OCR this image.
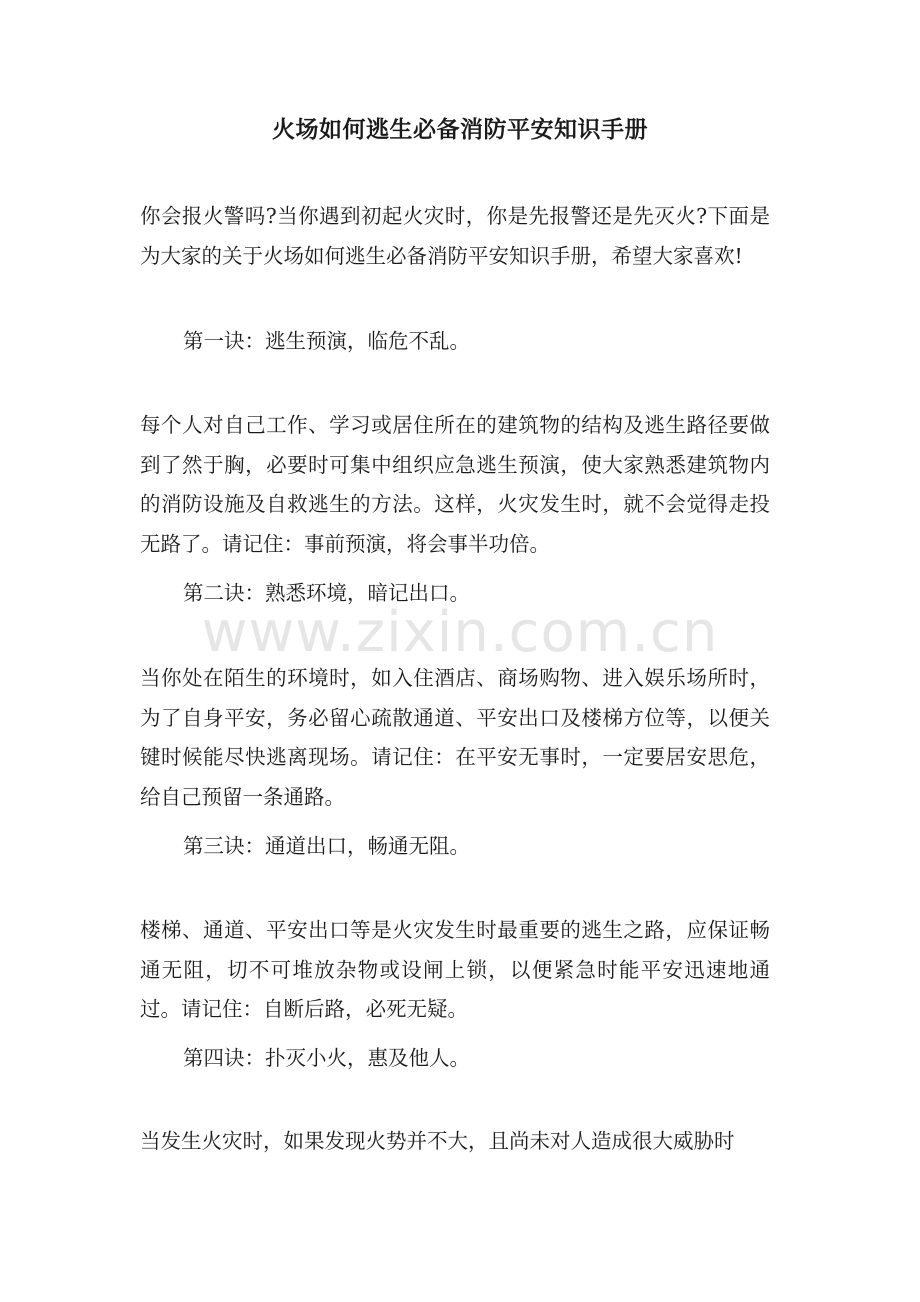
火场如何逃生必备消防平安知识手册
www.zixin.com.cn
你会报火警吗?当你遇到初起火灾时，你是先报警还是先灭火?下面是为大家的关于火场如何逃生必备消防平安知识手册，希望大家喜欢!
第一诀：逃生预演，临危不乱。
每个人对自己工作、学习或居住所在的建筑物的结构及逃生路径要做到了然于胸，必要时可集中组织应急逃生预演，使大家熟悉建筑物内的消防设施及自救逃生的方法。这样，火灾发生时，就不会觉得走投无路了。请记住：事前预演，将会事半功倍。
第二诀：熟悉环境，暗记出口。
当你处在陌生的环境时，如入住酒店、商场购物、进入娱乐场所时，为了自身平安，务必留心疏散通道、平安出口及楼梯方位等，以便关键时候能尽快逃离现场。请记住：在平安无事时，一定要居安思危，给自己预留一条通路。
第三诀：通道出口，畅通无阻。
楼梯、通道、平安出口等是火灾发生时最重要的逃生之路，应保证畅通无阻，切不可堆放杂物或设闸上锁，以便紧急时能平安迅速地通过。请记住：自断后路，必死无疑。
第四诀：扑灭小火，惠及他人。
当发生火灾时，如果发现火势并不大，且尚未对人造成很大威胁时
